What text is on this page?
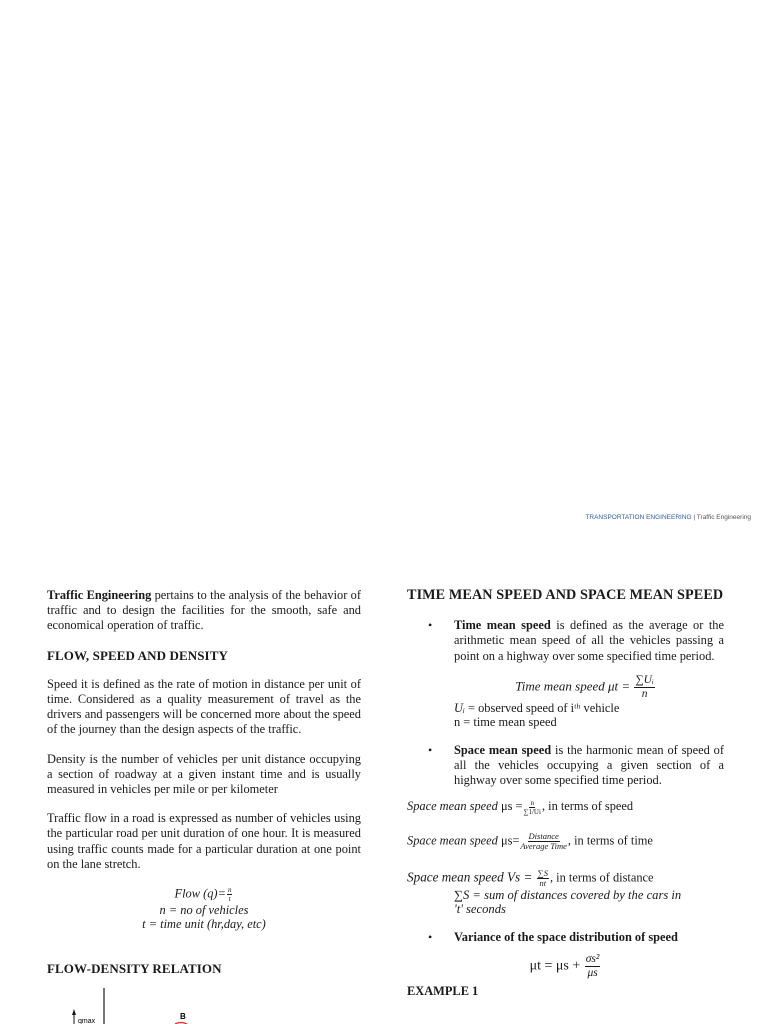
TRANSPORTATION ENGINEERING | Traffic Engineering

Traffic Engineering pertains to the analysis of the behavior of traffic and to design the facilities for the smooth, safe and economical operation of traffic.

FLOW, SPEED AND DENSITY

Speed it is defined as the rate of motion in distance per unit of time. Considered as a quality measurement of travel as the drivers and passengers will be concerned more about the speed of the journey than the design aspects of the traffic.

Density is the number of vehicles per unit distance occupying a section of roadway at a given instant time and is usually measured in vehicles per mile or per kilometer

Traffic flow in a road is expressed as number of vehicles using the particular road per unit duration of one hour. It is measured using traffic counts made for a particular duration at one point on the lane stretch.

Flow $(q)= \frac{n}{t}$
n = no of vehicles
t = time unit (hr,day, etc)
FLOW-DENSITY RELATION
qmax
B
TIME MEAN SPEED AND SPACE MEAN SPEED
• Time mean speed is defined as the average or the arithmetic mean speed of all the vehicles passing a point on a highway over some specified time period.
Time mean speed $\mu t = \frac{\text{∑Uᵢ}}{n}$
Uᵢ = observed speed of iᵗʰ vehicle
n = time mean speed
• Space mean speed is the harmonic mean of speed of all the vehicles occupying a given section of a highway over some specified time period.
Space mean speed $\mu s = \frac{n}{\sum 1/Ui}$ , in terms of speed
Space mean speed $\mu s= \frac{\text{Distance}}{\text{Average Time}}$ , in terms of time
Space mean speed $Vs = \frac{\sum S}{nt}$ , in terms of distance
∑S = sum of distances covered by the cars in
't' seconds
• Variance of the space distribution of speed
$\mu t = \mu s + \frac{\text{σs²}}{\mu s}$
EXAMPLE 1
